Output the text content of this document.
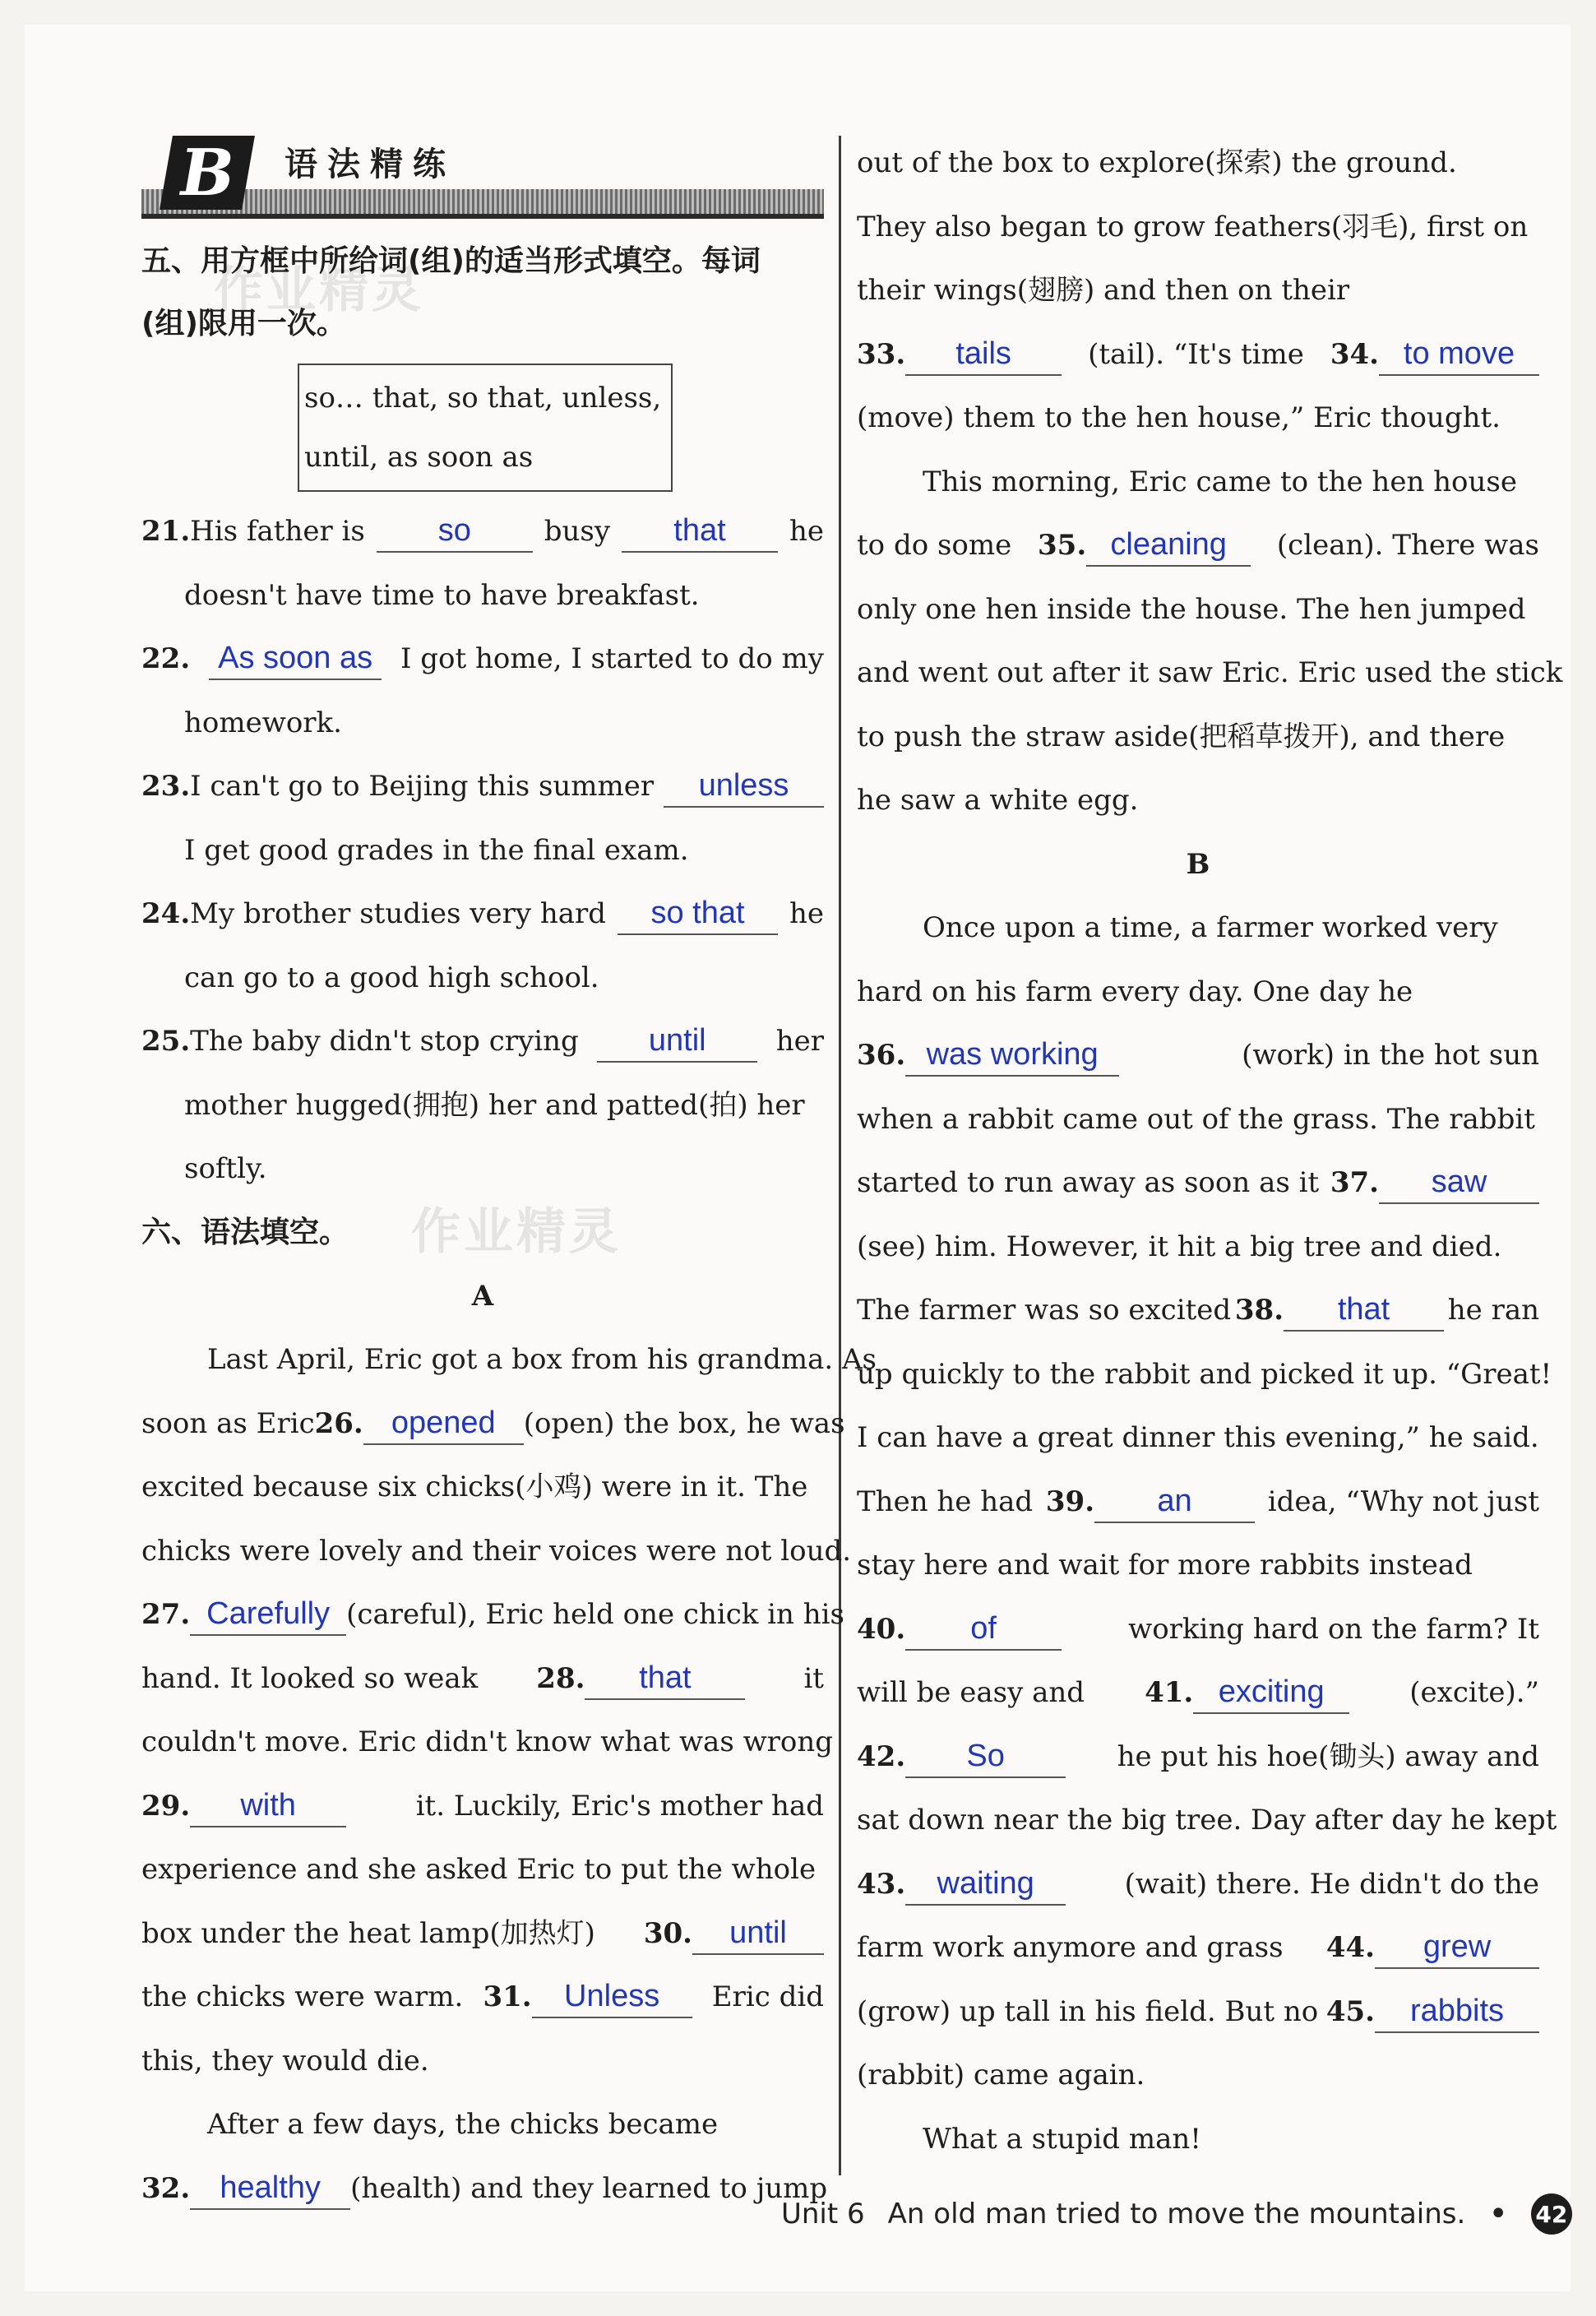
作业精灵
作业精灵
B	语法精练
五、用方框中所给词(组)的适当形式填空。每词
(组)限用一次。
so… that, so that, unless,
until, as soon as
21.His father is	so	busy	that	he
doesn't have time to have breakfast.
22. As soon as I got home, I started to do my
homework.
23.I can't go to Beijing this summer	unless
I get good grades in the final exam.
24.My brother studies very hard	so that	he
can go to a good high school.
25.The baby didn't stop crying	until	her
mother hugged(拥抱) her and patted(拍) her
softly.
六、语法填空。
A
Last April, Eric got a box from his grandma. As
soon as Eric 26. opened	(open) the box, he was
excited because six chicks(小鸡) were in it. The
chicks were lovely and their voices were not loud.
27. Carefully (careful), Eric held one chick in his
hand. It looked so weak 28. that	it
couldn't move. Eric didn't know what was wrong
29. with	it. Luckily, Eric's mother had
experience and she asked Eric to put the whole
box under the heat lamp(加热灯) 30. until
the chicks were warm. 31. Unless	Eric did
this, they would die.
After a few days, the chicks became
32. healthy	(health) and they learned to jump
out of the box to explore(探索) the ground.
They also began to grow feathers(羽毛), first on
their wings(翅膀) and then on their
33. tails	(tail). “It's time 34. to move
(move) them to the hen house,” Eric thought.
This morning, Eric came to the hen house
to do some 35. cleaning	(clean). There was
only one hen inside the house. The hen jumped
and went out after it saw Eric. Eric used the stick
to push the straw aside(把稻草拨开), and there
he saw a white egg.
B
Once upon a time, a farmer worked very
hard on his farm every day. One day he
36. was working	(work) in the hot sun
when a rabbit came out of the grass. The rabbit
started to run away as soon as it 37. saw
(see) him. However, it hit a big tree and died.
The farmer was so excited 38. that	he ran
up quickly to the rabbit and picked it up. “Great!
I can have a great dinner this evening,” he said.
Then he had 39. an	idea, “Why not just
stay here and wait for more rabbits instead
40. of	working hard on the farm? It
will be easy and 41. exciting	(excite).”
42. So	he put his hoe(锄头) away and
sat down near the big tree. Day after day he kept
43. waiting	(wait) there. He didn't do the
farm work anymore and grass 44. grew
(grow) up tall in his field. But no 45. rabbits
(rabbit) came again.
What a stupid man!
Unit 6 An old man tried to move the mountains. • 42
